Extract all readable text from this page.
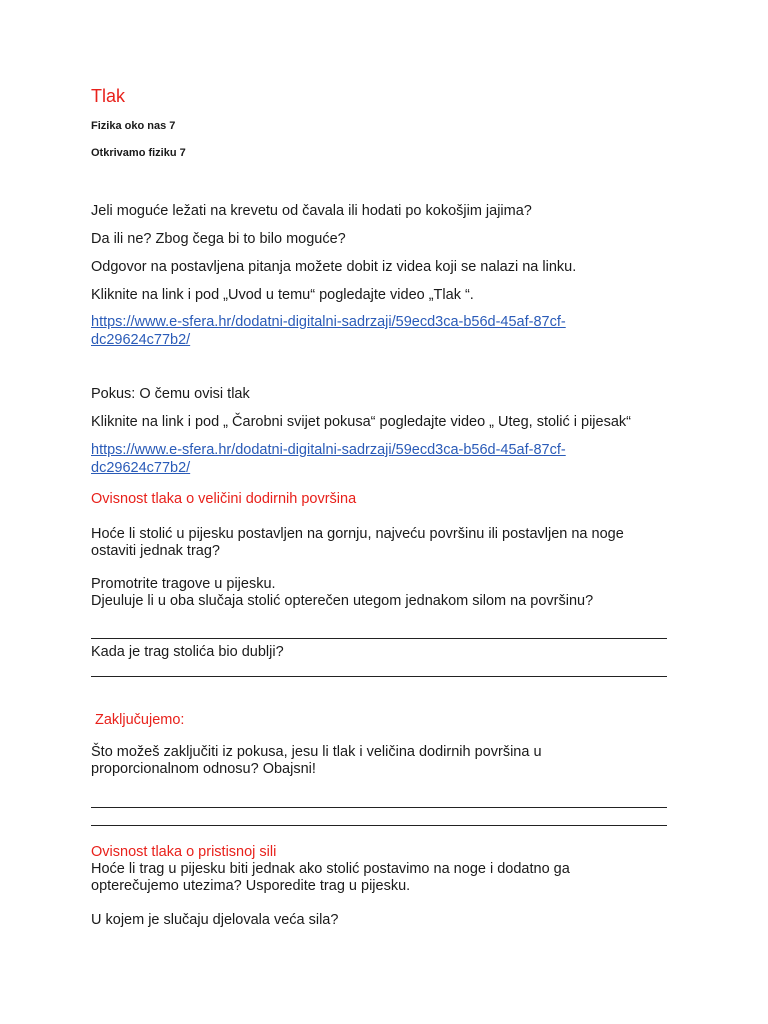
Tlak
Fizika oko nas 7
Otkrivamo fiziku 7
Jeli moguće ležati na krevetu od čavala ili hodati po kokošjim jajima?
Da ili ne? Zbog čega bi to bilo moguće?
Odgovor na postavljena pitanja možete dobit iz videa koji se nalazi na linku.
Kliknite na link i pod „Uvod u temu“ pogledajte video „Tlak “.
https://www.e-sfera.hr/dodatni-digitalni-sadrzaji/59ecd3ca-b56d-45af-87cf-
dc29624c77b2/
Pokus: O čemu ovisi tlak
Kliknite na link i pod „ Čarobni svijet pokusa“ pogledajte video „ Uteg, stolić i pijesak“
https://www.e-sfera.hr/dodatni-digitalni-sadrzaji/59ecd3ca-b56d-45af-87cf-
dc29624c77b2/
Ovisnost tlaka o veličini dodirnih površina
Hoće li stolić u pijesku postavljen na gornju, najveću površinu ili postavljen na noge
ostaviti jednak trag?
Promotrite tragove u pijesku.
Djeuluje li u oba slučaja stolić opterečen utegom jednakom silom na površinu?
Kada je trag stolića bio dublji?
Zaključujemo:
Što možeš zaključiti iz pokusa, jesu li tlak i veličina dodirnih površina u
proporcionalnom odnosu? Obajsni!
Ovisnost tlaka o pristisnoj sili
Hoće li trag u pijesku biti jednak ako stolić postavimo na noge i dodatno ga
opterečujemo utezima? Usporedite trag u pijesku.
U kojem je slučaju djelovala veća sila?
